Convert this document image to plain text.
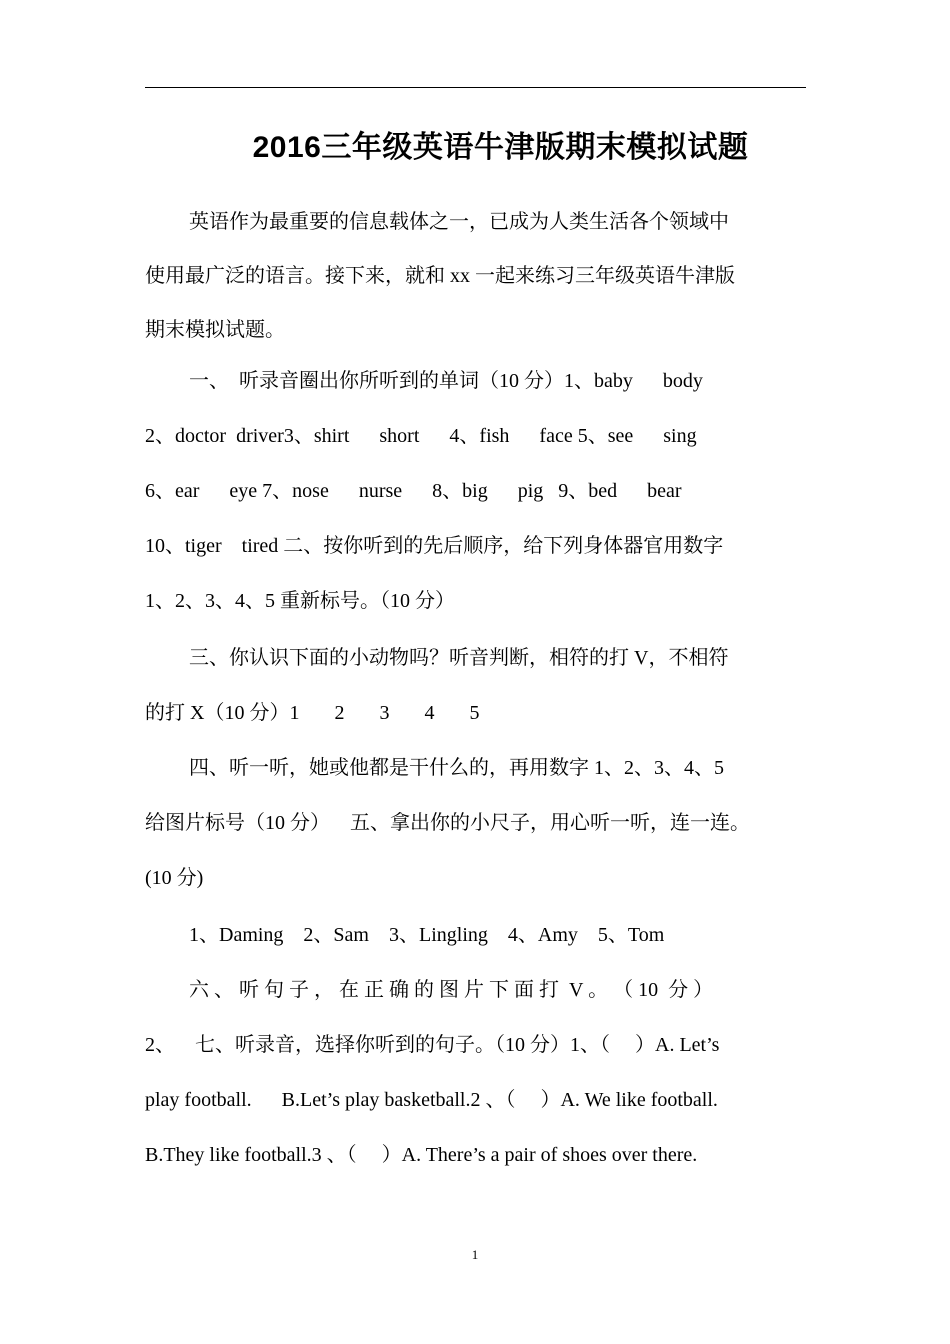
2016三年级英语牛津版期末模拟试题
英语作为最重要的信息载体之一，已成为人类生活各个领域中
使用最广泛的语言。接下来，就和 xx 一起来练习三年级英语牛津版
期末模拟试题。
一、  听录音圈出你所听到的单词（10 分）1、baby      body
2、doctor  driver3、shirt      short      4、fish      face 5、see      sing
6、ear      eye 7、nose      nurse      8、big      pig   9、bed      bear
10、tiger    tired 二、按你听到的先后顺序，给下列身体器官用数字
1、2、3、4、5 重新标号。（10 分）
三、你认识下面的小动物吗？听音判断，相符的打 V，不相符
的打 X（10 分）1       2       3       4       5
四、听一听，她或他都是干什么的，再用数字 1、2、3、4、5
给图片标号（10 分）    五、拿出你的小尺子，用心听一听，连一连。
(10 分)
1、Daming    2、Sam    3、Lingling    4、Amy    5、Tom
六 、 听 句 子 ， 在 正 确 的 图 片 下 面 打  V 。 （ 10  分 ）
2、    七、听录音，选择你听到的句子。（10 分）1、（     ）A. Let’s
play football.      B.Let’s play basketball.2 、（     ）A. We like football.
B.They like football.3 、（     ）A. There’s a pair of shoes over there.
1
